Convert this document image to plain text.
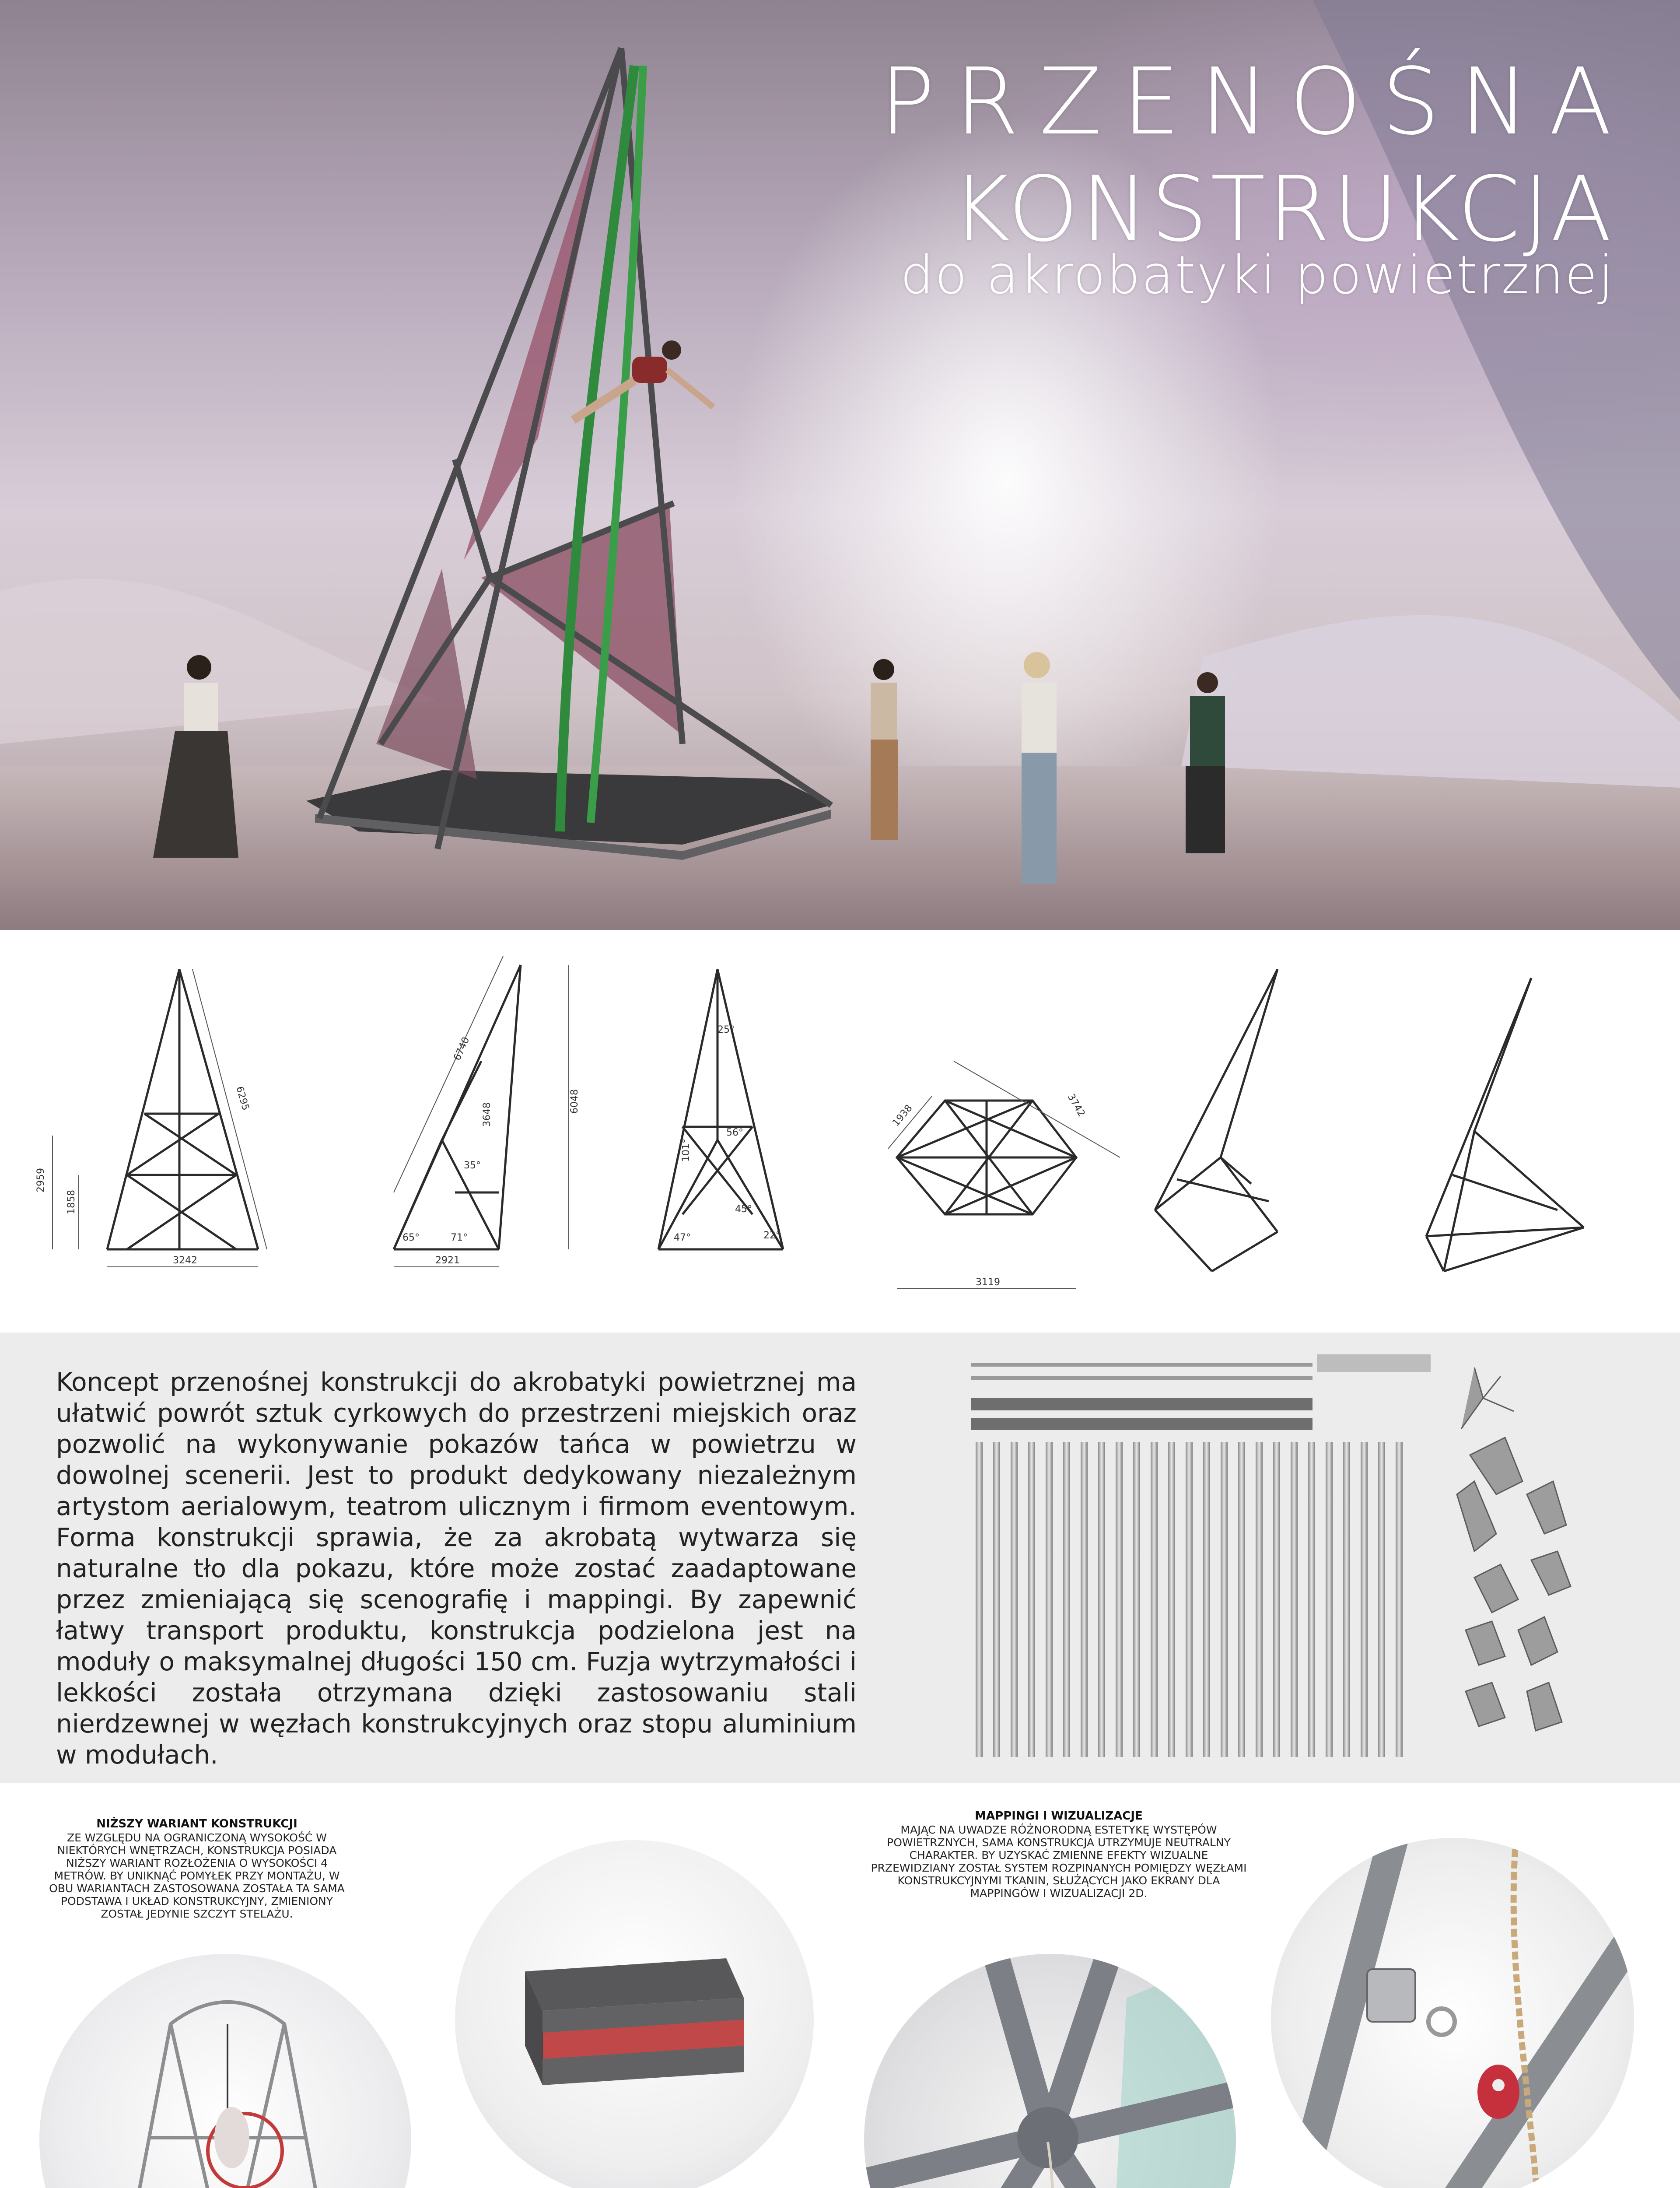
PRZENOŚNA
KONSTRUKCJA
do akrobatyki powietrznej
3242
2959
1858
6295
2921
6740
6048
3648
35°
65°	71°
25°
56°
101°
45°
47°	22°
3119
1938	3742
Koncept przenośnej konstrukcji do akrobatyki powietrznej ma ułatwić powrót sztuk cyrkowych do przestrzeni miejskich oraz pozwolić na wykonywanie pokazów tańca w powietrzu w dowolnej scenerii. Jest to produkt dedykowany niezależnym artystom aerialowym, teatrom ulicznym i firmom eventowym. Forma konstrukcji sprawia, że za akrobatą wytwarza się naturalne tło dla pokazu, które może zostać zaadaptowane przez zmieniającą się scenografię i mappingi. By zapewnić łatwy transport produktu, konstrukcja podzielona jest na moduły o maksymalnej długości 150 cm. Fuzja wytrzymałości i lekkości została otrzymana dzięki zastosowaniu stali nierdzewnej w węzłach konstrukcyjnych oraz stopu aluminium w modułach.
NIŻSZY WARIANT KONSTRUKCJI
ZE WZGLĘDU NA OGRANICZONĄ WYSOKOŚĆ W NIEKTÓRYCH WNĘTRZACH, KONSTRUKCJA POSIADA NIŻSZY WARIANT ROZŁOŻENIA O WYSOKOŚCI 4 METRÓW. BY UNIKNĄĆ POMYŁEK PRZY MONTAŻU, W OBU WARIANTACH ZASTOSOWANA ZOSTAŁA TA SAMA PODSTAWA I UKŁAD KONSTRUKCYJNY, ZMIENIONY ZOSTAŁ JEDYNIE SZCZYT STELAŻU.
MAPPINGI I WIZUALIZACJE
MAJĄC NA UWADZE RÓŻNORODNĄ ESTETYKĘ WYSTĘPÓW POWIETRZNYCH, SAMA KONSTRUKCJA UTRZYMUJE NEUTRALNY CHARAKTER. BY UZYSKAĆ ZMIENNE EFEKTY WIZUALNE PRZEWIDZIANY ZOSTAŁ SYSTEM ROZPINANYCH POMIĘDZY WĘZŁAMI KONSTRUKCYJNYMI TKANIN, SŁUŻĄCYCH JAKO EKRANY DLA MAPPINGÓW I WIZUALIZACJI 2D.
